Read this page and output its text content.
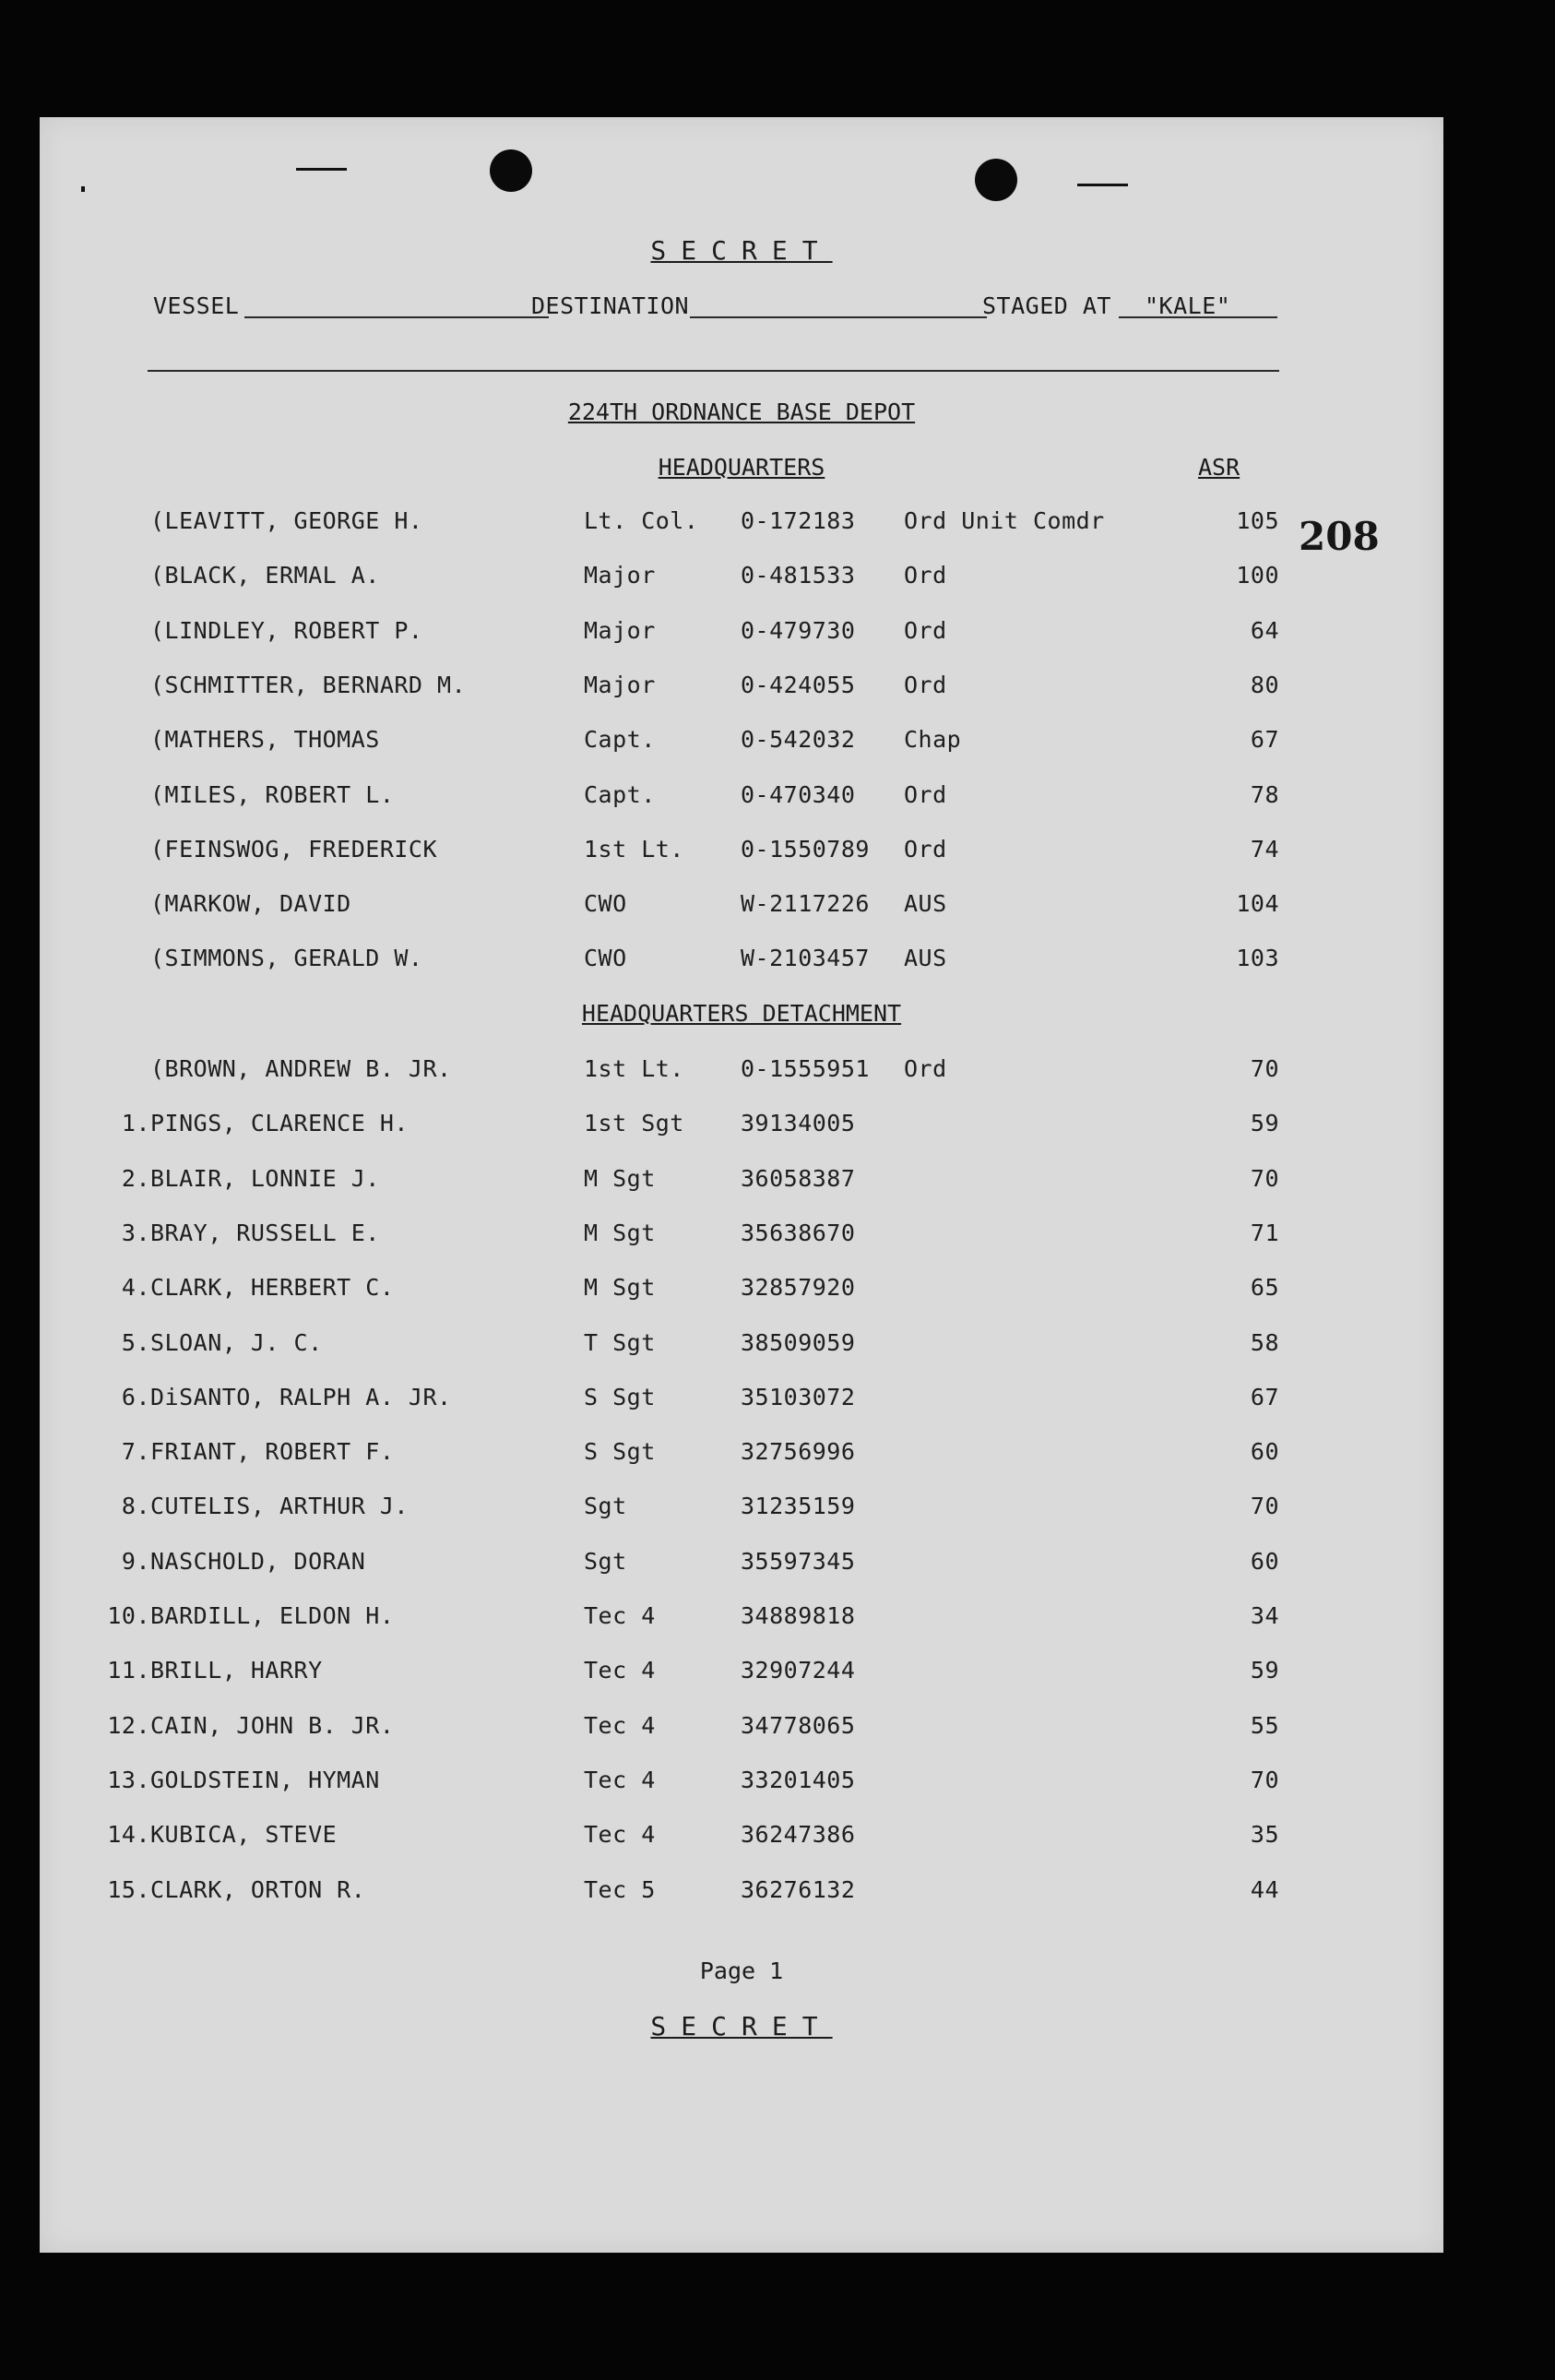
SECRET
VESSEL	DESTINATION	STAGED AT "KALE"
224TH ORDNANCE BASE DEPOT
HEADQUARTERS	ASR
208
(LEAVITT, GEORGE H.	Lt. Col. 0-172183 Ord Unit Comdr	105
(BLACK, ERMAL A.	Major	0-481533 Ord	100
(LINDLEY, ROBERT P.	Major	0-479730 Ord	64
(SCHMITTER, BERNARD M.	Major	0-424055 Ord	80
(MATHERS, THOMAS	Capt.	0-542032 Chap	67
(MILES, ROBERT L.	Capt.	0-470340 Ord	78
(FEINSWOG, FREDERICK	1st Lt. 0-1550789 Ord	74
(MARKOW, DAVID	CWO	W-2117226 AUS	104
(SIMMONS, GERALD W.	CWO	W-2103457 AUS	103
HEADQUARTERS DETACHMENT
(BROWN, ANDREW B. JR.	1st Lt. 0-1555951 Ord	70
1. PINGS, CLARENCE H.	1st Sgt 39134005	59
2. BLAIR, LONNIE J.	M Sgt	36058387	70
3. BRAY, RUSSELL E.	M Sgt	35638670	71
4. CLARK, HERBERT C.	M Sgt	32857920	65
5. SLOAN, J. C.	T Sgt	38509059	58
6. DiSANTO, RALPH A. JR.	S Sgt	35103072	67
7. FRIANT, ROBERT F.	S Sgt	32756996	60
8. CUTELIS, ARTHUR J.	Sgt	31235159	70
9. NASCHOLD, DORAN	Sgt	35597345	60
10. BARDILL, ELDON H.	Tec 4	34889818	34
11. BRILL, HARRY	Tec 4	32907244	59
12. CAIN, JOHN B. JR.	Tec 4	34778065	55
13. GOLDSTEIN, HYMAN	Tec 4	33201405	70
14. KUBICA, STEVE	Tec 4	36247386	35
15. CLARK, ORTON R.	Tec 5	36276132	44
Page 1
SECRET
